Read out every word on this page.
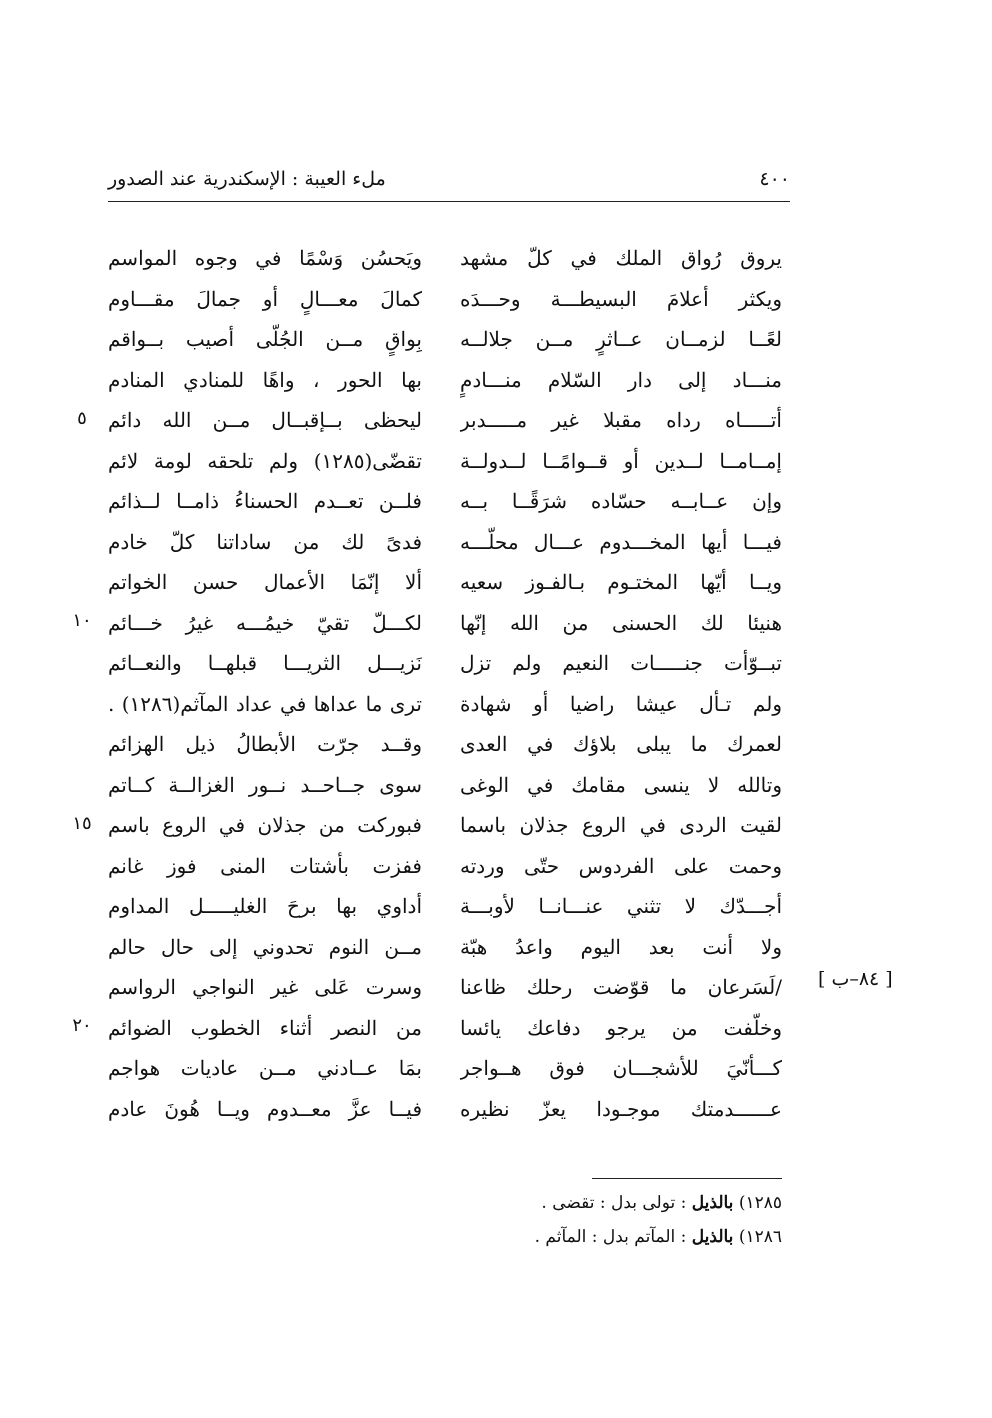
ملء العيبة : الإسكندرية عند الصدور	٤٠٠
يروق رُواق الملك في كلّ مشهد
ويكثر أعلامَ البسيطـــة وحـــدَه
لعًــا لزمــان عــاثرٍ مــن جلالــه
منـــاد إلى دار السّلام منـــادمٍ
أتـــــاه رداه مقبلا غير مـــــدبر
إمــامــا لــدين أو قــوامًــا لــدولــة
وإن عــابــه حسّاده شرَقًــا بــه
فيـــا أيها المخـــدوم عـــال محلّـــه
ويــا أيّها المختـوم بـالفـوز سعيه
هنيئا لك الحسنى من الله إنّها
تبــوّأت جنـــــات النعيم ولم تزل
ولم تـأل عيشا راضيا أو شهادة
لعمرك ما يبلى بلاؤك في العدى
وتالله لا ينسى مقامك في الوغى
لقيت الردى في الروع جذلان باسما
وحمت على الفردوس حتّى وردته
أجـــدّك لا تثني عنـــانــا لأوبـــة
ولا أنت بعد اليوم واعدُ هبّة
/لَسَرعان ما قوّضت رحلك ظاعنا
وخلّفت من يرجو دفاعك يائسا
كـــأنّيَ للأشجـــان فوق هــواجر
عــــــدمتك موجـودا يعزّ نظيره
ويَحسُن وَسْمًا في وجوه المواسم
كمالَ معـــالٍ أو جمالَ مقـــاوم
بِواقٍ مــن الجُلّى أصيب بــواقم
بها الحور ، واهًا للمنادي المنادم
ليحظى بــإقبــال مــن الله دائم
تقضّى(١٢٨٥) ولم تلحقه لومة لائم
فلــن تعــدم الحسناءُ ذامــا لــذائم
فدىً لك من ساداتنا كلّ خادم
ألا إنّمَا الأعمال حسن الخواتم
لكـــلّ تقيّ خيمُـــه غيرُ خـــائم
نَزيـــل الثريـــا قبلهــا والنعــائم
ترى ما عداها في عداد المآثم(١٢٨٦) .
وقــد جرّت الأبطالُ ذيل الهزائم
سوى جــاحــد نــور الغزالــة كــاتم
فبوركت من جذلان في الروع باسم
ففزت بأشتات المنى فوز غانم
أداوي بها برحَ الغليـــــل المداوم
مــن النوم تحدوني إلى حال حالم
وسرت عَلى غير النواجي الرواسم
من النصر أثناء الخطوب الضوائم
بمَا عــادني مــن عاديات هواجم
فيــا عزَّ معــدوم ويــا هُونَ عادم
٥
١٠
١٥
٢٠
[ ٨٤–ب ]
١٢٨٥) بالذيل : تولى بدل : تقضى .
١٢٨٦) بالذيل : المآتم بدل : المآثم .
